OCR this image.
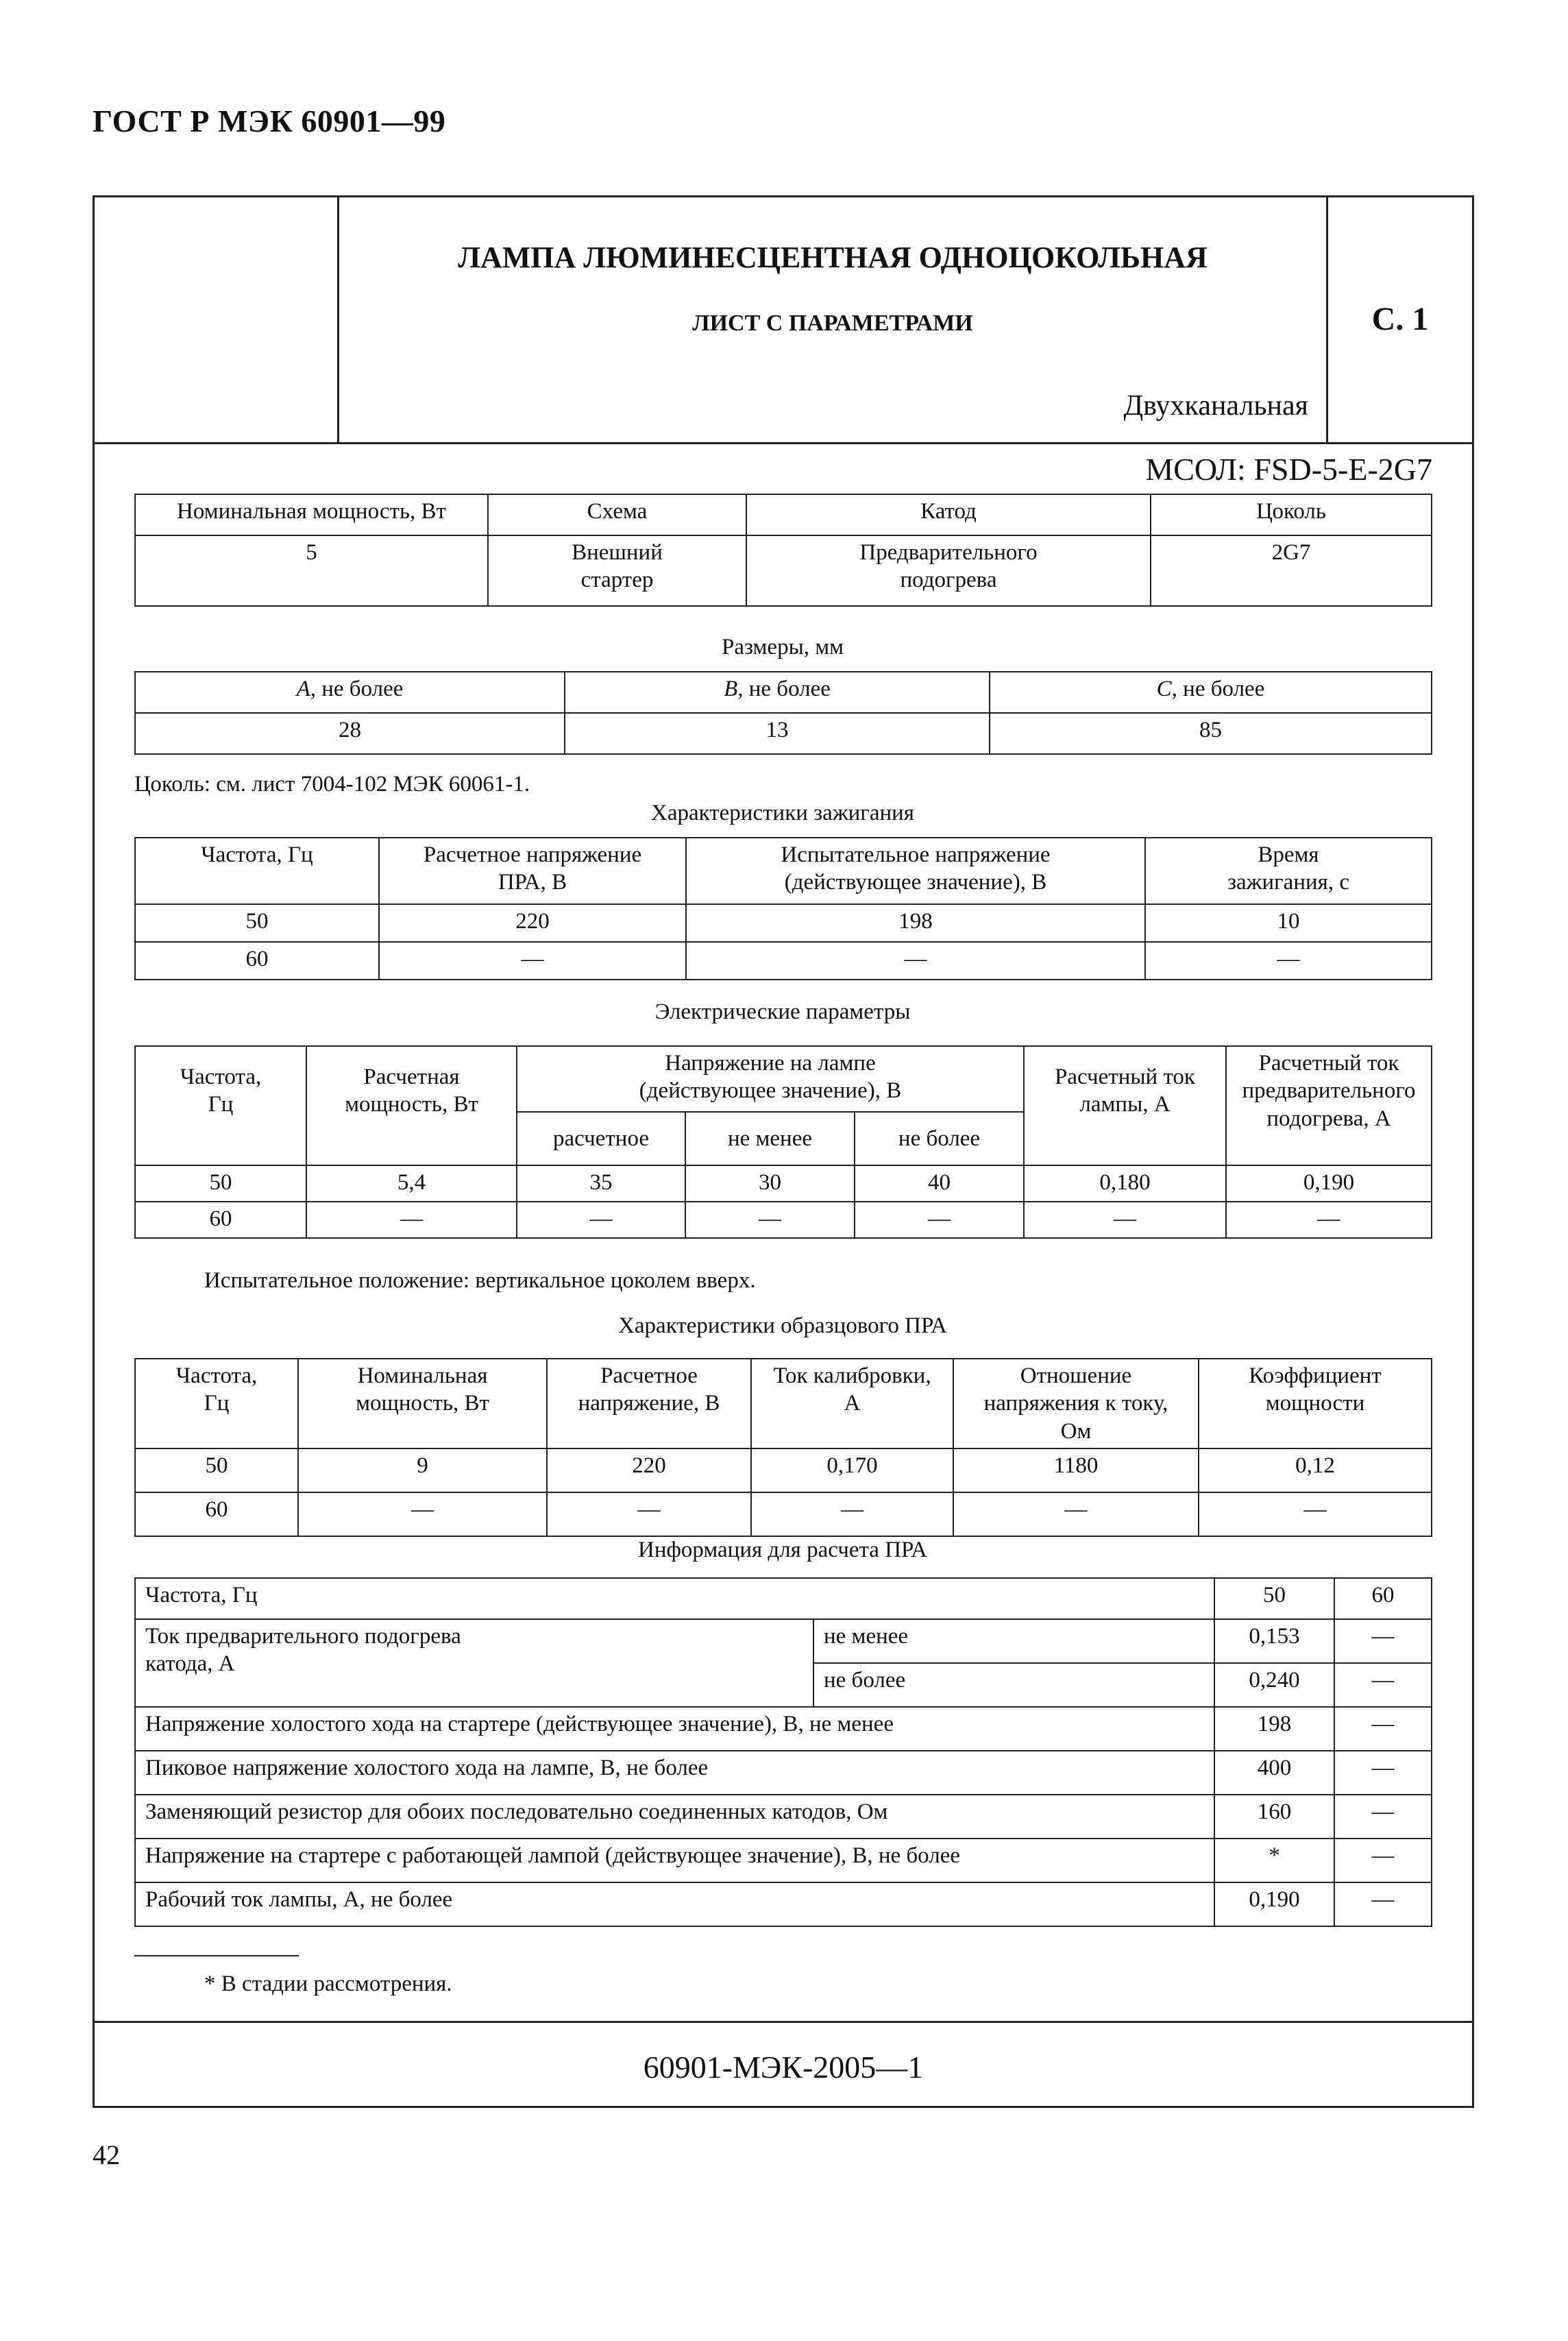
ГОСТ Р МЭК 60901—99
ЛАМПА ЛЮМИНЕСЦЕНТНАЯ ОДНОЦОКОЛЬНАЯ
ЛИСТ С ПАРАМЕТРАМИ
Двухканальная
С. 1
МСОЛ: FSD-5-E-2G7
Номинальная мощность, Вт	Схема	Катод	Цоколь
5	Внешний стартер	Предварительного подогрева	2G7
Размеры, мм
A, не более	B, не более	C, не более
28	13	85
Цоколь: см. лист 7004-102 МЭК 60061-1.
Характеристики зажигания
Частота, Гц	Расчетное напряжение ПРА, В	Испытательное напряжение (действующее значение), В	Время зажигания, с

50	220	198	10
60	—	—	—
Электрические параметры
Частота, Гц	Расчетная мощность, Вт	Напряжение на лампе (действующее значение), В			Расчетный ток лампы, А	Расчетный ток предварительного подогрева, А

		расчетное	не менее	не более		
50	5,4	35	30	40	0,180	0,190
60	—	—	—	—	—	—
Испытательное положение: вертикальное цоколем вверх.
Характеристики образцового ПРА
Частота, Гц	Номинальная мощность, Вт	Расчетное напряжение, В	Ток калибровки, А	Отношение напряжения к току, Ом	Коэффициент мощности

50	9	220	0,170	1180	0,12
60	—	—	—	—	—
Информация для расчета ПРА
Частота, Гц		50	60

Ток предварительного подогрева катода, А	не менее	0,153	—
	не более	0,240	—
Напряжение холостого хода на стартере (действующее значение), В, не менее		198	—
Пиковое напряжение холостого хода на лампе, В, не более		400	—
Заменяющий резистор для обоих последовательно соединенных катодов, Ом		160	—
Напряжение на стартере с работающей лампой (действующее значение), В, не более		*	—
Рабочий ток лампы, А, не более		0,190	—
* В стадии рассмотрения.
60901-МЭК-2005—1
42
